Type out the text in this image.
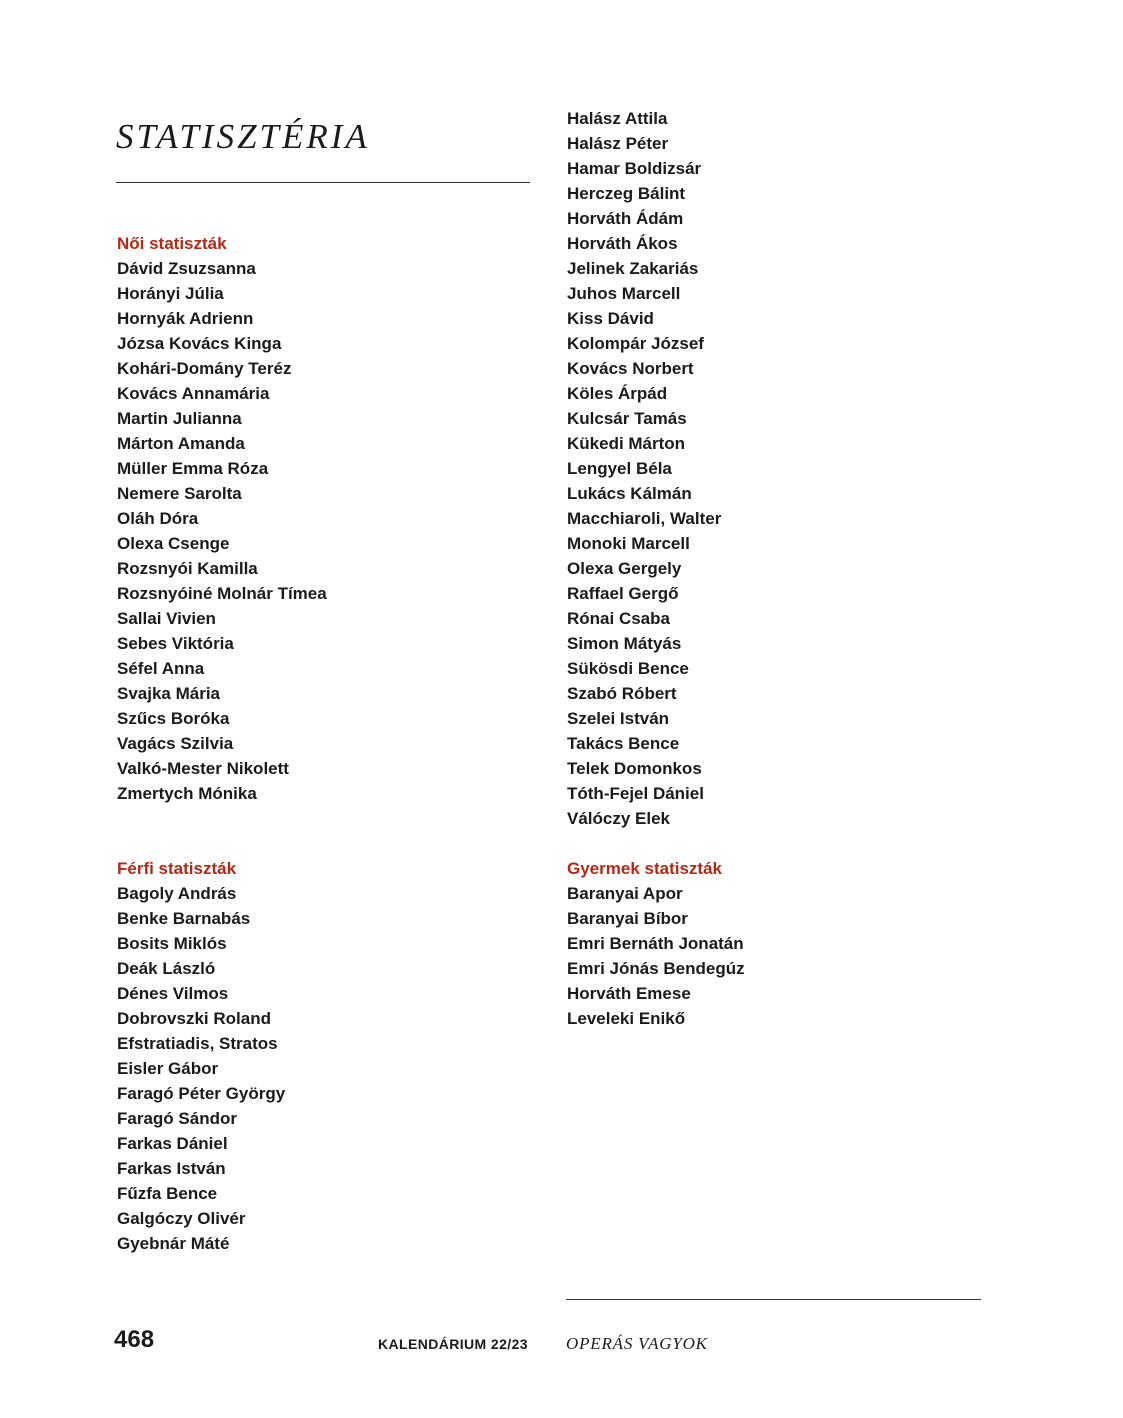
STATISZTÉRIA
Női statiszták
Dávid Zsuzsanna
Horányi Júlia
Hornyák Adrienn
Józsa Kovács Kinga
Kohári-Domány Teréz
Kovács Annamária
Martin Julianna
Márton Amanda
Müller Emma Róza
Nemere Sarolta
Oláh Dóra
Olexa Csenge
Rozsnyói Kamilla
Rozsnyóiné Molnár Tímea
Sallai Vivien
Sebes Viktória
Séfel Anna
Svajka Mária
Szűcs Boróka
Vagács Szilvia
Valkó-Mester Nikolett
Zmertych Mónika
Férfi statiszták
Bagoly András
Benke Barnabás
Bosits Miklós
Deák László
Dénes Vilmos
Dobrovszki Roland
Efstratiadis, Stratos
Eisler Gábor
Faragó Péter György
Faragó Sándor
Farkas Dániel
Farkas István
Fűzfa Bence
Galgóczy Olivér
Gyebnár Máté
Halász Attila
Halász Péter
Hamar Boldizsár
Herczeg Bálint
Horváth Ádám
Horváth Ákos
Jelinek Zakariás
Juhos Marcell
Kiss Dávid
Kolompár József
Kovács Norbert
Köles Árpád
Kulcsár Tamás
Kükedi Márton
Lengyel Béla
Lukács Kálmán
Macchiaroli, Walter
Monoki Marcell
Olexa Gergely
Raffael Gergő
Rónai Csaba
Simon Mátyás
Sükösdi Bence
Szabó Róbert
Szelei István
Takács Bence
Telek Domonkos
Tóth-Fejel Dániel
Válóczy Elek
Gyermek statiszták
Baranyai Apor
Baranyai Bíbor
Emri Bernáth Jonatán
Emri Jónás Bendegúz
Horváth Emese
Leveleki Enikő
468	KALENDÁRIUM 22/23 OPERÁS VAGYOK
